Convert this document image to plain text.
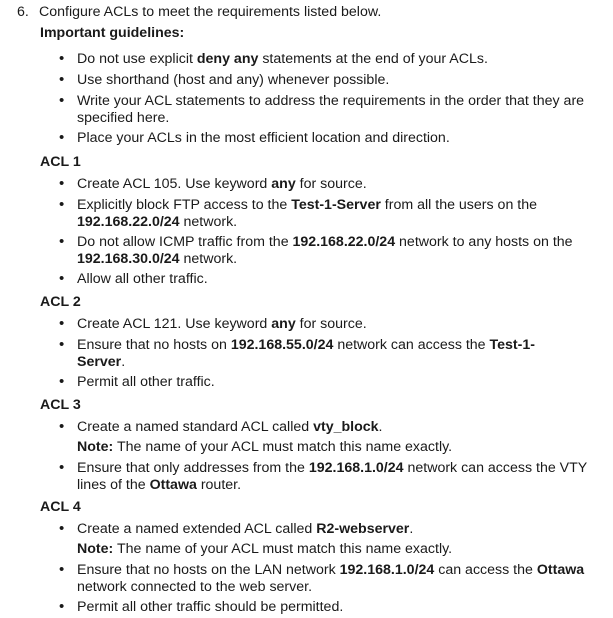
6. Configure ACLs to meet the requirements listed below.
Important guidelines:
• Do not use explicit deny any statements at the end of your ACLs.
• Use shorthand (host and any) whenever possible.
• Write your ACL statements to address the requirements in the order that they are specified here.
• Place your ACLs in the most efficient location and direction.
ACL 1
• Create ACL 105. Use keyword any for source.
• Explicitly block FTP access to the Test-1-Server from all the users on the 192.168.22.0/24 network.
• Do not allow ICMP traffic from the 192.168.22.0/24 network to any hosts on the 192.168.30.0/24 network.
• Allow all other traffic.
ACL 2
• Create ACL 121. Use keyword any for source.
• Ensure that no hosts on 192.168.55.0/24 network can access the Test-1-Server.
• Permit all other traffic.
ACL 3
• Create a named standard ACL called vty_block.
Note: The name of your ACL must match this name exactly.
• Ensure that only addresses from the 192.168.1.0/24 network can access the VTY lines of the Ottawa router.
ACL 4
• Create a named extended ACL called R2-webserver.
Note: The name of your ACL must match this name exactly.
• Ensure that no hosts on the LAN network 192.168.1.0/24 can access the Ottawa network connected to the web server.
• Permit all other traffic should be permitted.
